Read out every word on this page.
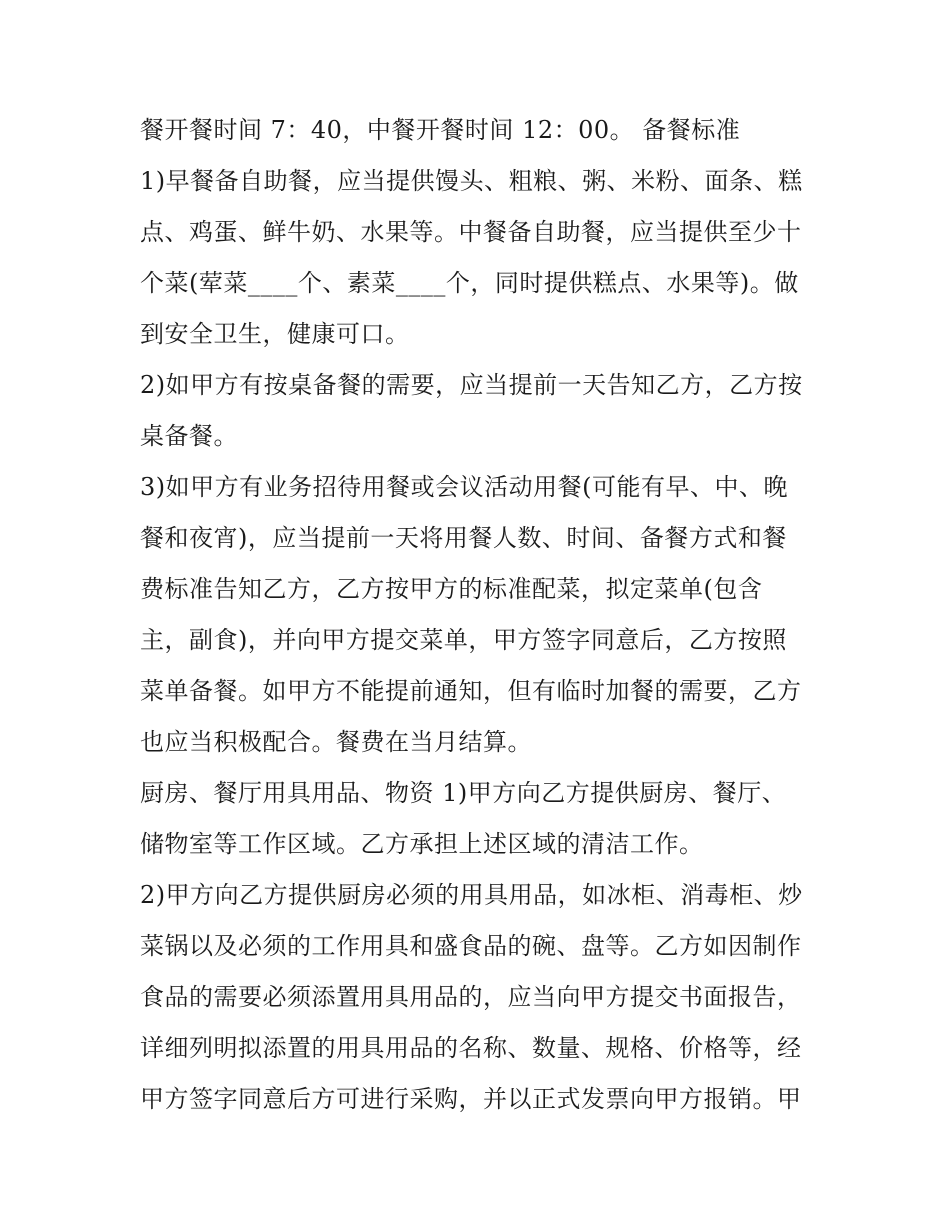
餐开餐时间 7：40，中餐开餐时间 12：00。 备餐标准
1)早餐备自助餐，应当提供馒头、粗粮、粥、米粉、面条、糕
点、鸡蛋、鲜牛奶、水果等。中餐备自助餐，应当提供至少十
个菜(荤菜____个、素菜____个，同时提供糕点、水果等)。做
到安全卫生，健康可口。
2)如甲方有按桌备餐的需要，应当提前一天告知乙方，乙方按
桌备餐。
3)如甲方有业务招待用餐或会议活动用餐(可能有早、中、晚
餐和夜宵)，应当提前一天将用餐人数、时间、备餐方式和餐
费标准告知乙方，乙方按甲方的标准配菜，拟定菜单(包含
主，副食)，并向甲方提交菜单，甲方签字同意后，乙方按照
菜单备餐。如甲方不能提前通知，但有临时加餐的需要，乙方
也应当积极配合。餐费在当月结算。
厨房、餐厅用具用品、物资 1)甲方向乙方提供厨房、餐厅、
储物室等工作区域。乙方承担上述区域的清洁工作。
2)甲方向乙方提供厨房必须的用具用品，如冰柜、消毒柜、炒
菜锅以及必须的工作用具和盛食品的碗、盘等。乙方如因制作
食品的需要必须添置用具用品的，应当向甲方提交书面报告，
详细列明拟添置的用具用品的名称、数量、规格、价格等，经
甲方签字同意后方可进行采购，并以正式发票向甲方报销。甲
